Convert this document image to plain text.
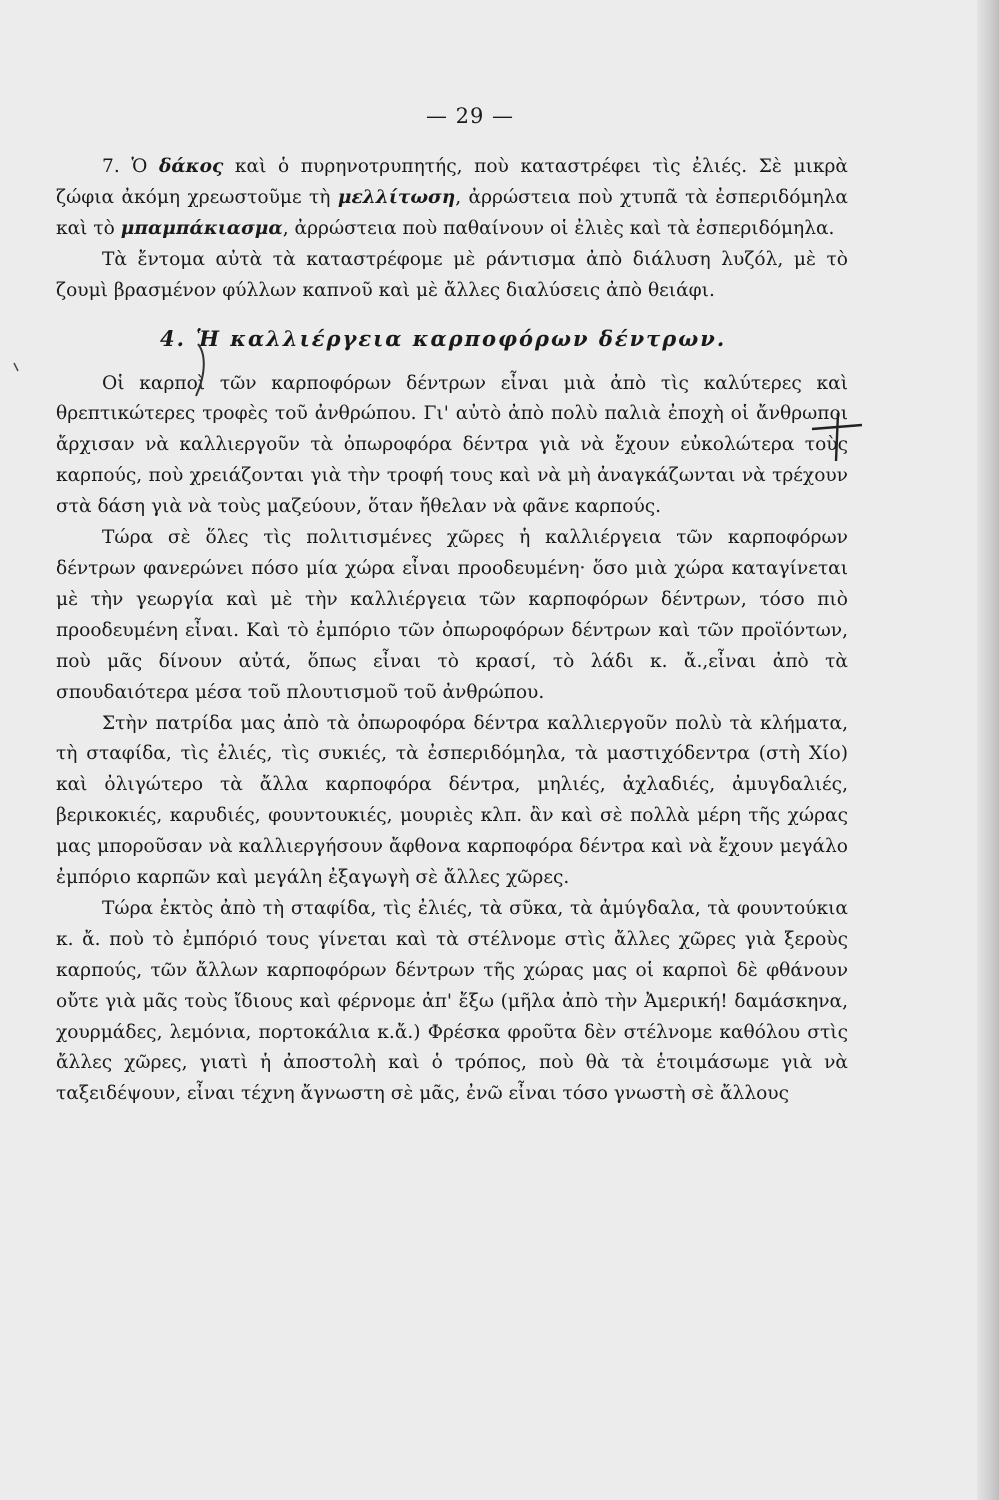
— 29 —

7. Ὁ δάκος καὶ ὁ πυρηνοτρυπητής, ποὺ καταστρέφει τὶς ἐλιές. Σὲ μικρὰ ζώφια ἀκόμη χρεωστοῦμε τὴ μελλίτωση, ἀρρώστεια ποὺ χτυπᾶ τὰ ἐσπεριδόμηλα καὶ τὸ μπαμπάκιασμα, ἀρρώστεια ποὺ παθαίνουν οἱ ἐλιὲς καὶ τὰ ἐσπεριδόμηλα.

Τὰ ἔντομα αὐτὰ τὰ καταστρέφομε μὲ ράντισμα ἀπὸ διάλυση λυζόλ, μὲ τὸ ζουμὶ βρασμένον φύλλων καπνοῦ καὶ μὲ ἄλλες διαλύσεις ἀπὸ θειάφι.

4. Ἡ καλλιέργεια καρποφόρων δέντρων.

Οἱ καρποὶ τῶν καρποφόρων δέντρων εἶναι μιὰ ἀπὸ τὶς καλύτερες καὶ θρεπτικώτερες τροφὲς τοῦ ἀνθρώπου. Γι' αὐτὸ ἀπὸ πολὺ παλιὰ ἐποχὴ οἱ ἄνθρωποι ἄρχισαν νὰ καλλιεργοῦν τὰ ὀπωροφόρα δέντρα γιὰ νὰ ἔχουν εὐκολώτερα τοὺς καρπούς, ποὺ χρειάζονται γιὰ τὴν τροφή τους καὶ νὰ μὴ ἀναγκάζωνται νὰ τρέχουν στὰ δάση γιὰ νὰ τοὺς μαζεύουν, ὅταν ἤθελαν νὰ φᾶνε καρπούς.

Τώρα σὲ ὅλες τὶς πολιτισμένες χῶρες ἡ καλλιέργεια τῶν καρποφόρων δέντρων φανερώνει πόσο μία χώρα εἶναι προοδευμένη· ὅσο μιὰ χώρα καταγίνεται μὲ τὴν γεωργία καὶ μὲ τὴν καλλιέργεια τῶν καρποφόρων δέντρων, τόσο πιὸ προοδευμένη εἶναι. Καὶ τὸ ἐμπόριο τῶν ὀπωροφόρων δέντρων καὶ τῶν προϊόντων, ποὺ μᾶς δίνουν αὐτά, ὅπως εἶναι τὸ κρασί, τὸ λάδι κ. ἄ.,εἶναι ἀπὸ τὰ σπουδαιότερα μέσα τοῦ πλουτισμοῦ τοῦ ἀνθρώπου.

Στὴν πατρίδα μας ἀπὸ τὰ ὀπωροφόρα δέντρα καλλιεργοῦν πολὺ τὰ κλήματα, τὴ σταφίδα, τὶς ἐλιές, τὶς συκιές, τὰ ἐσπεριδόμηλα, τὰ μαστιχόδεντρα (στὴ Χίο) καὶ ὀλιγώτερο τὰ ἄλλα καρποφόρα δέντρα, μηλιές, ἀχλαδιές, ἀμυγδαλιές, βερικοκιές, καρυδιές, φουντουκιές, μουριὲς κλπ. ἂν καὶ σὲ πολλὰ μέρη τῆς χώρας μας μποροῦσαν νὰ καλλιεργήσουν ἄφθονα καρποφόρα δέντρα καὶ νὰ ἔχουν μεγάλο ἐμπόριο καρπῶν καὶ μεγάλη ἐξαγωγὴ σὲ ἄλλες χῶρες.

Τώρα ἐκτὸς ἀπὸ τὴ σταφίδα, τὶς ἐλιές, τὰ σῦκα, τὰ ἀμύγδαλα, τὰ φουντούκια κ. ἄ. ποὺ τὸ ἐμπόριό τους γίνεται καὶ τὰ στέλνομε στὶς ἄλλες χῶρες γιὰ ξεροὺς καρπούς, τῶν ἄλλων καρποφόρων δέντρων τῆς χώρας μας οἱ καρποὶ δὲ φθάνουν οὔτε γιὰ μᾶς τοὺς ἴδιους καὶ φέρνομε ἀπ' ἔξω (μῆλα ἀπὸ τὴν Ἀμερική! δαμάσκηνα, χουρμάδες, λεμόνια, πορτοκάλια κ.ἄ.) Φρέσκα φροῦτα δὲν στέλνομε καθόλου στὶς ἄλλες χῶρες, γιατὶ ἡ ἀποστολὴ καὶ ὁ τρόπος, ποὺ θὰ τὰ ἑτοιμάσωμε γιὰ νὰ ταξειδέψουν, εἶναι τέχνη ἄγνωστη σὲ μᾶς, ἐνῶ εἶναι τόσο γνωστὴ σὲ ἄλλους
